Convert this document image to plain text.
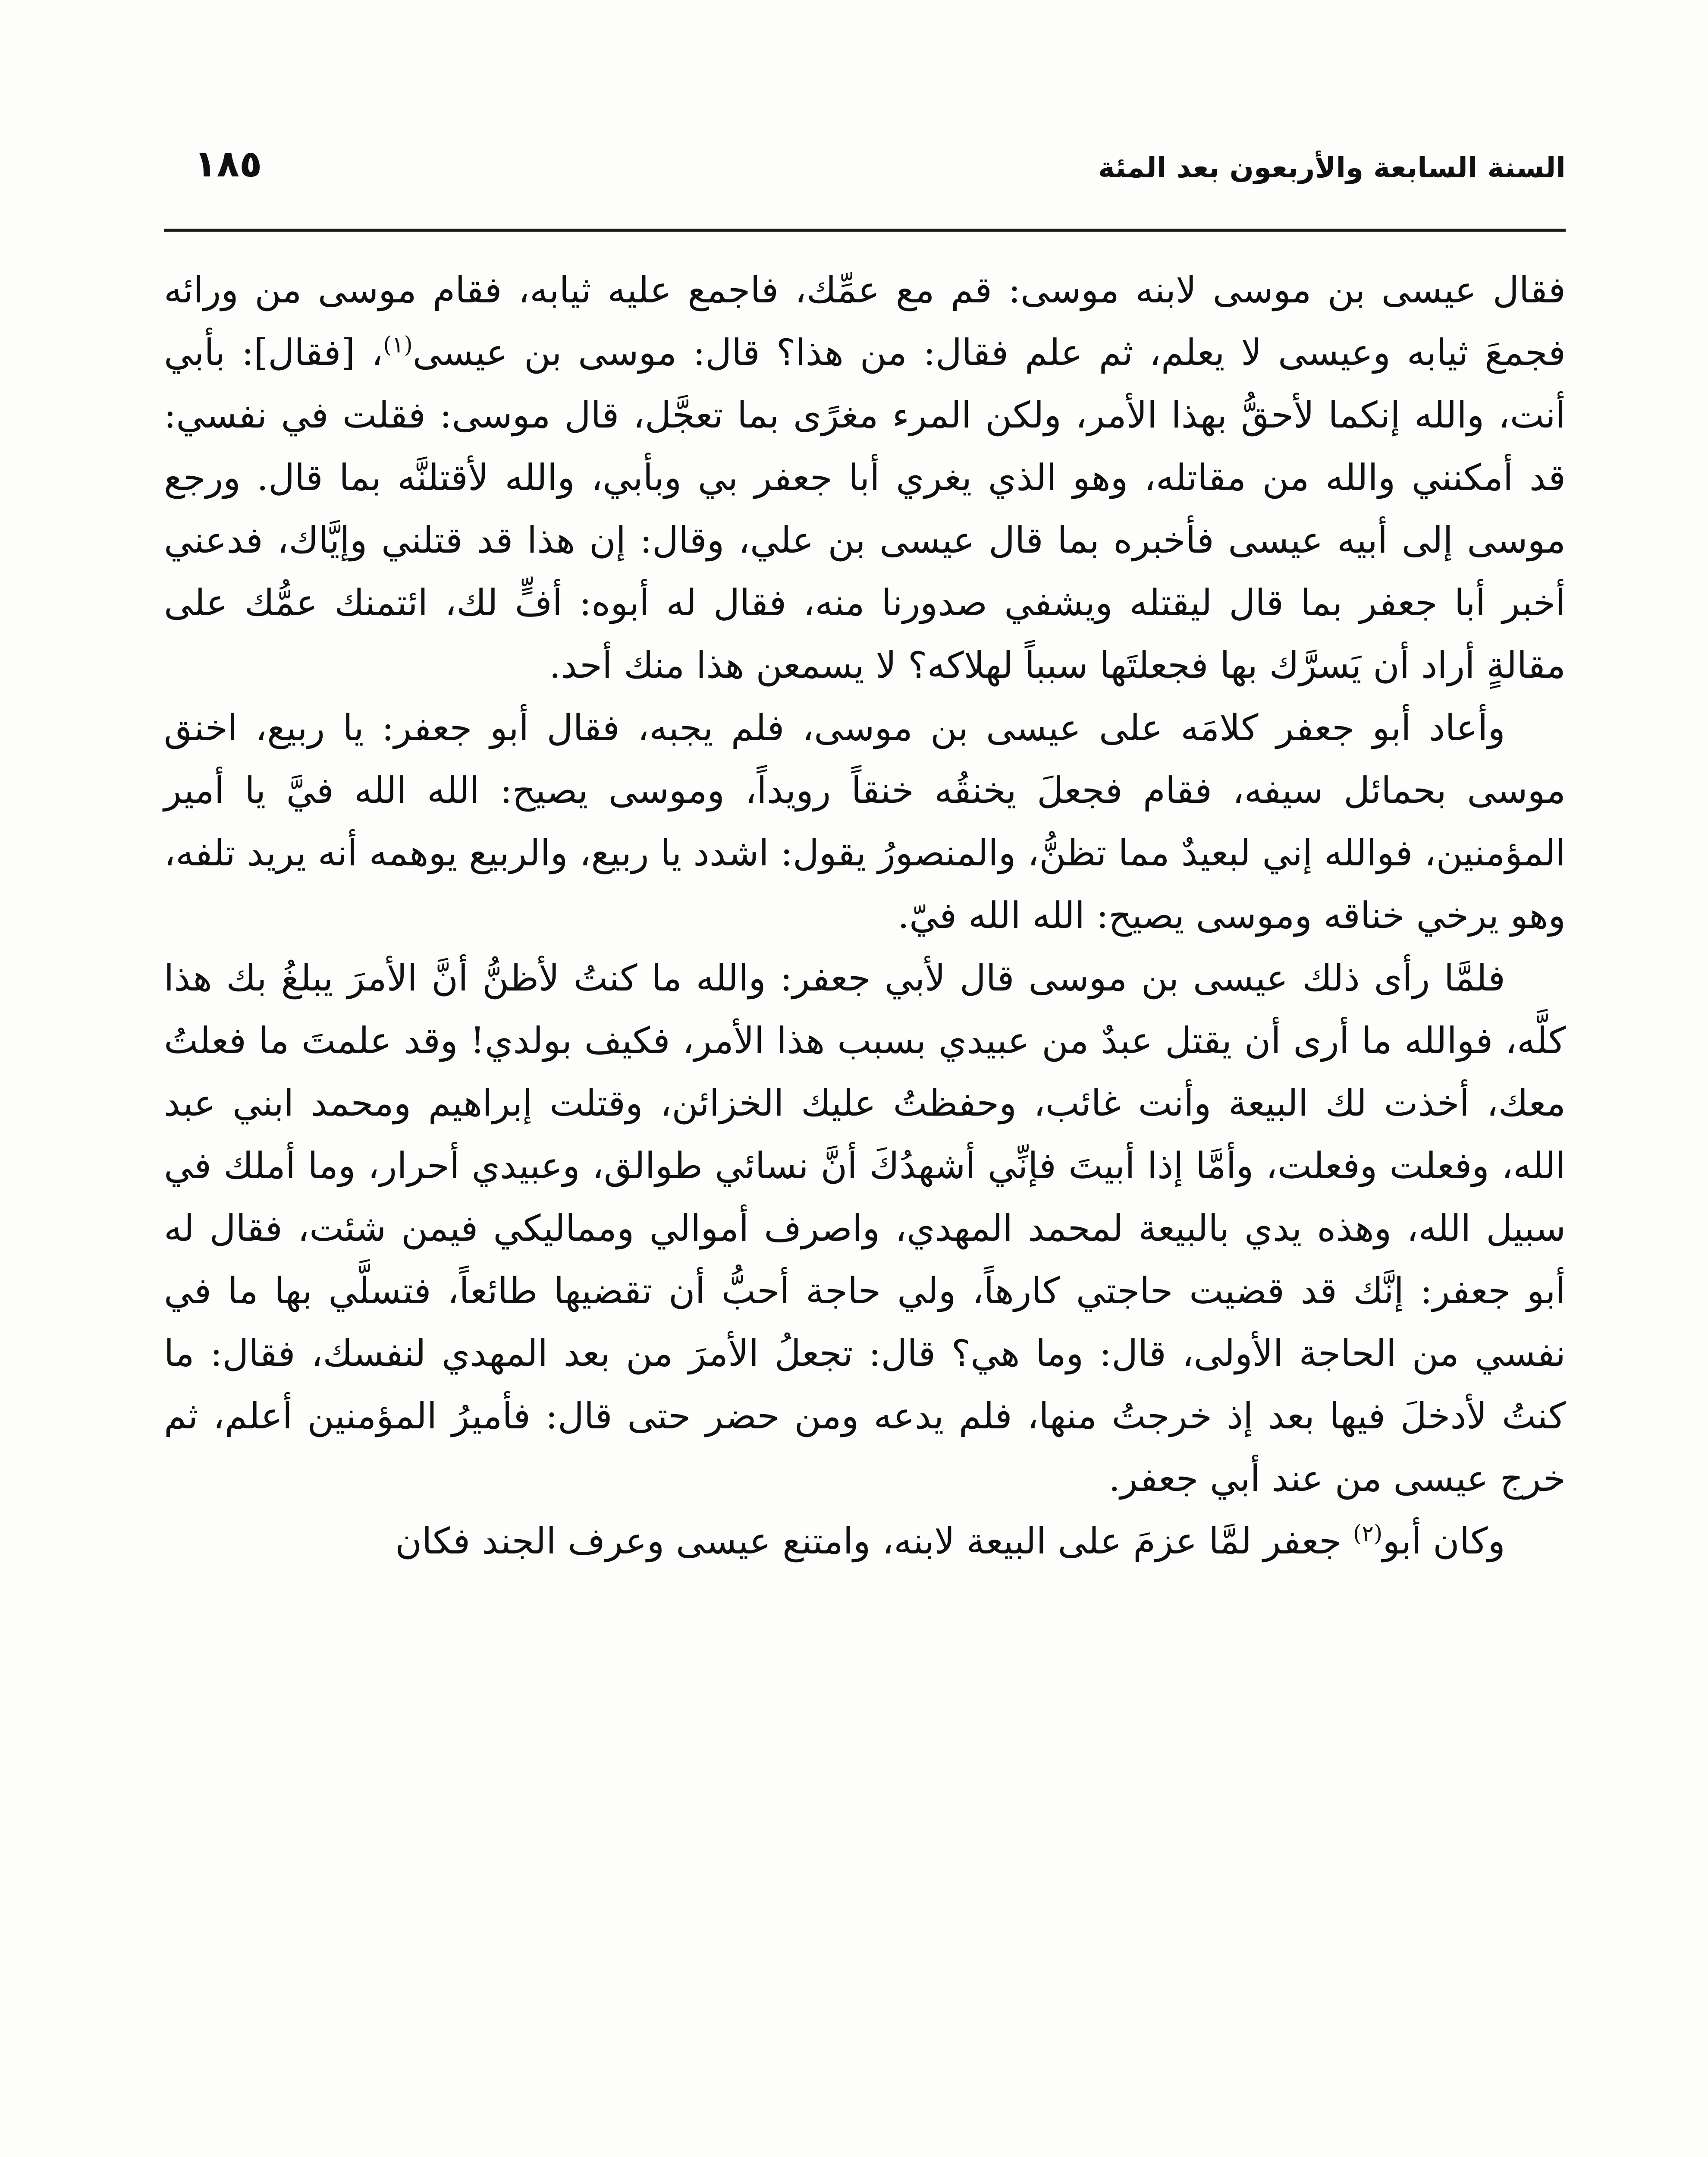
السنة السابعة والأربعون بعد المئة
١٨٥

فقال عيسى بن موسى لابنه موسى: قم مع عمِّك، فاجمع عليه ثيابه، فقام موسى من ورائه فجمعَ ثيابه وعيسى لا يعلم، ثم علم فقال: من هذا؟ قال: موسى بن عيسى$^{(١)}$، [فقال]: بأبي أنت، والله إنكما لأحقُّ بهذا الأمر، ولكن المرء مغرًى بما تعجَّل، قال موسى: فقلت في نفسي: قد أمكنني والله من مقاتله، وهو الذي يغري أبا جعفر بي وبأبي، والله لأقتلنَّه بما قال. ورجع موسى إلى أبيه عيسى فأخبره بما قال عيسى بن علي، وقال: إن هذا قد قتلني وإيَّاك، فدعني أخبر أبا جعفر بما قال ليقتله ويشفي صدورنا منه، فقال له أبوه: أفٍّ لك، ائتمنك عمُّك على مقالةٍ أراد أن يَسرَّك بها فجعلتَها سبباً لهلاكه؟ لا يسمعن هذا منك أحد.

وأعاد أبو جعفر كلامَه على عيسى بن موسى، فلم يجبه، فقال أبو جعفر: يا ربيع، اخنق موسى بحمائل سيفه، فقام فجعلَ يخنقُه خنقاً رويداً، وموسى يصيح: الله الله فيَّ يا أمير المؤمنين، فوالله إني لبعيدٌ مما تظنُّ، والمنصورُ يقول: اشدد يا ربيع، والربيع يوهمه أنه يريد تلفه، وهو يرخي خناقه وموسى يصيح: الله الله فيّ.

فلمَّا رأى ذلك عيسى بن موسى قال لأبي جعفر: والله ما كنتُ لأظنُّ أنَّ الأمرَ يبلغُ بك هذا كلَّه، فوالله ما أرى أن يقتل عبدٌ من عبيدي بسبب هذا الأمر، فكيف بولدي! وقد علمتَ ما فعلتُ معك، أخذت لك البيعة وأنت غائب، وحفظتُ عليك الخزائن، وقتلت إبراهيم ومحمد ابني عبد الله، وفعلت وفعلت، وأمَّا إذا أبيتَ فإنِّي أشهدُكَ أنَّ نسائي طوالق، وعبيدي أحرار، وما أملك في سبيل الله، وهذه يدي بالبيعة لمحمد المهدي، واصرف أموالي ومماليكي فيمن شئت، فقال له أبو جعفر: إنَّك قد قضيت حاجتي كارهاً، ولي حاجة أحبُّ أن تقضيها طائعاً، فتسلَّي بها ما في نفسي من الحاجة الأولى، قال: وما هي؟ قال: تجعلُ الأمرَ من بعد المهدي لنفسك، فقال: ما كنتُ لأدخلَ فيها بعد إذ خرجتُ منها، فلم يدعه ومن حضر حتى قال: فأميرُ المؤمنين أعلم، ثم خرج عيسى من عند أبي جعفر.

وكان أبو$^{(٢)}$ جعفر لمَّا عزمَ على البيعة لابنه، وامتنع عيسى وعرف الجند فكان
